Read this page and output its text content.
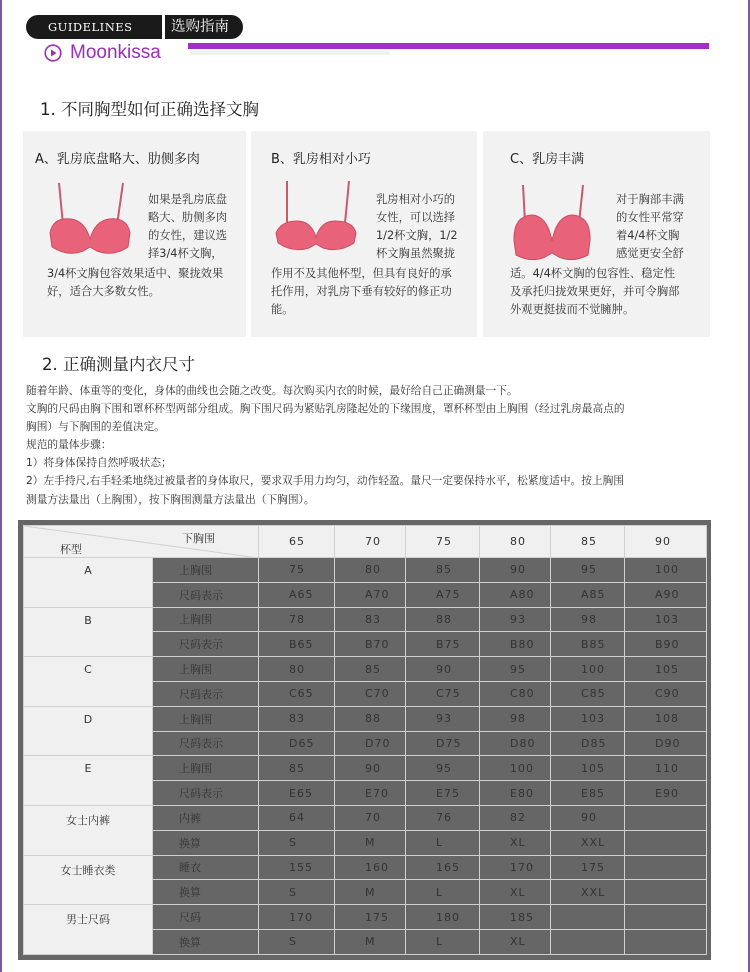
GUIDELINES	选购指南
Moonkissa
1. 不同胸型如何正确选择文胸
A、乳房底盘略大、肋侧多肉
如果是乳房底盘
略大、肋侧多肉
的女性，建议选
择3/4杯文胸，
3/4杯文胸包容效果适中、聚拢效果
好，适合大多数女性。
B、乳房相对小巧
乳房相对小巧的
女性，可以选择
1/2杯文胸，1/2
杯文胸虽然聚拢
作用不及其他杯型，但具有良好的承
托作用，对乳房下垂有较好的修正功
能。
C、乳房丰满
对于胸部丰满
的女性平常穿
着4/4杯文胸
感觉更安全舒
适。4/4杯文胸的包容性、稳定性
及承托归拢效果更好，并可令胸部
外观更挺拔而不觉臃肿。
2. 正确测量内衣尺寸

随着年龄、体重等的变化，身体的曲线也会随之改变。每次购买内衣的时候，最好给自己正确测量一下。

文胸的尺码由胸下围和罩杯杯型两部分组成。胸下围尺码为紧贴乳房隆起处的下缘围度，罩杯杯型由上胸围（经过乳房最高点的

胸围）与下胸围的差值决定。

规范的量体步骤：

1）将身体保持自然呼吸状态；

2）左手持尺,右手轻柔地绕过被量者的身体取尺，要求双手用力均匀，动作轻盈。量尺一定要保持水平，松紧度适中。按上胸围

测量方法量出（上胸围），按下胸围测量方法量出（下胸围）。

下胸围
杯型		65	70	75	80	85	90
A	上胸围	75	80	85	90	95	100
	尺码表示	A65	A70	A75	A80	A85	A90
B	上胸围	78	83	88	93	98	103
	尺码表示	B65	B70	B75	B80	B85	B90
C	上胸围	80	85	90	95	100	105
	尺码表示	C65	C70	C75	C80	C85	C90
D	上胸围	83	88	93	98	103	108
	尺码表示	D65	D70	D75	D80	D85	D90
E	上胸围	85	90	95	100	105	110
	尺码表示	E65	E70	E75	E80	E85	E90
女士内裤	内裤	64	70	76	82	90	
	换算	S	M	L	XL	XXL	
女士睡衣类	睡衣	155	160	165	170	175	
	换算	S	M	L	XL	XXL	
男士尺码	尺码	170	175	180	185		
	换算	S	M	L	XL		
